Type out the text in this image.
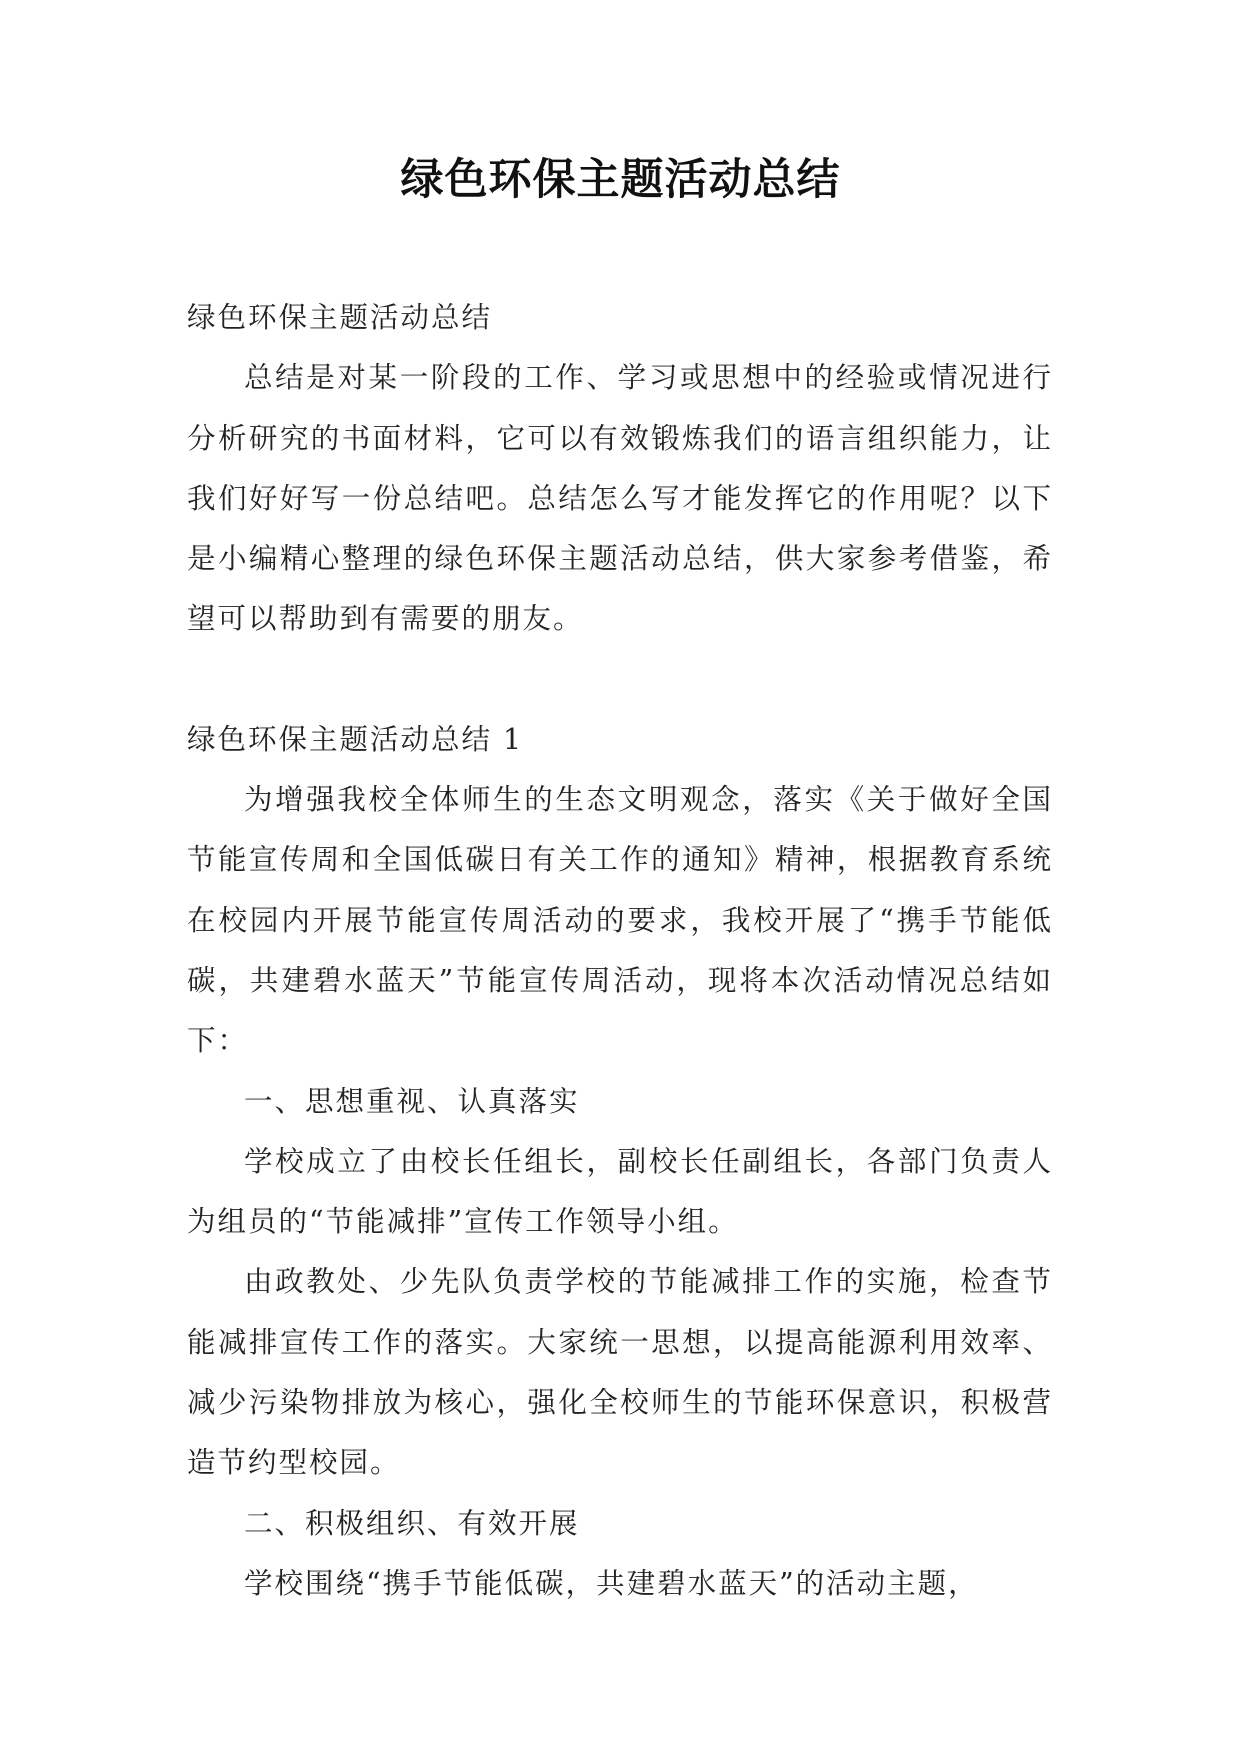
绿色环保主题活动总结

绿色环保主题活动总结

总结是对某一阶段的工作、学习或思想中的经验或情况进行分析研究的书面材料，它可以有效锻炼我们的语言组织能力，让我们好好写一份总结吧。总结怎么写才能发挥它的作用呢？以下是小编精心整理的绿色环保主题活动总结，供大家参考借鉴，希望可以帮助到有需要的朋友。

绿色环保主题活动总结 1

为增强我校全体师生的生态文明观念，落实《关于做好全国节能宣传周和全国低碳日有关工作的通知》精神，根据教育系统在校园内开展节能宣传周活动的要求，我校开展了“携手节能低碳，共建碧水蓝天”节能宣传周活动，现将本次活动情况总结如下：

一、思想重视、认真落实

学校成立了由校长任组长，副校长任副组长，各部门负责人为组员的“节能减排”宣传工作领导小组。

由政教处、少先队负责学校的节能减排工作的实施，检查节能减排宣传工作的落实。大家统一思想，以提高能源利用效率、减少污染物排放为核心，强化全校师生的节能环保意识，积极营造节约型校园。

二、积极组织、有效开展

学校围绕“携手节能低碳，共建碧水蓝天”的活动主题，
